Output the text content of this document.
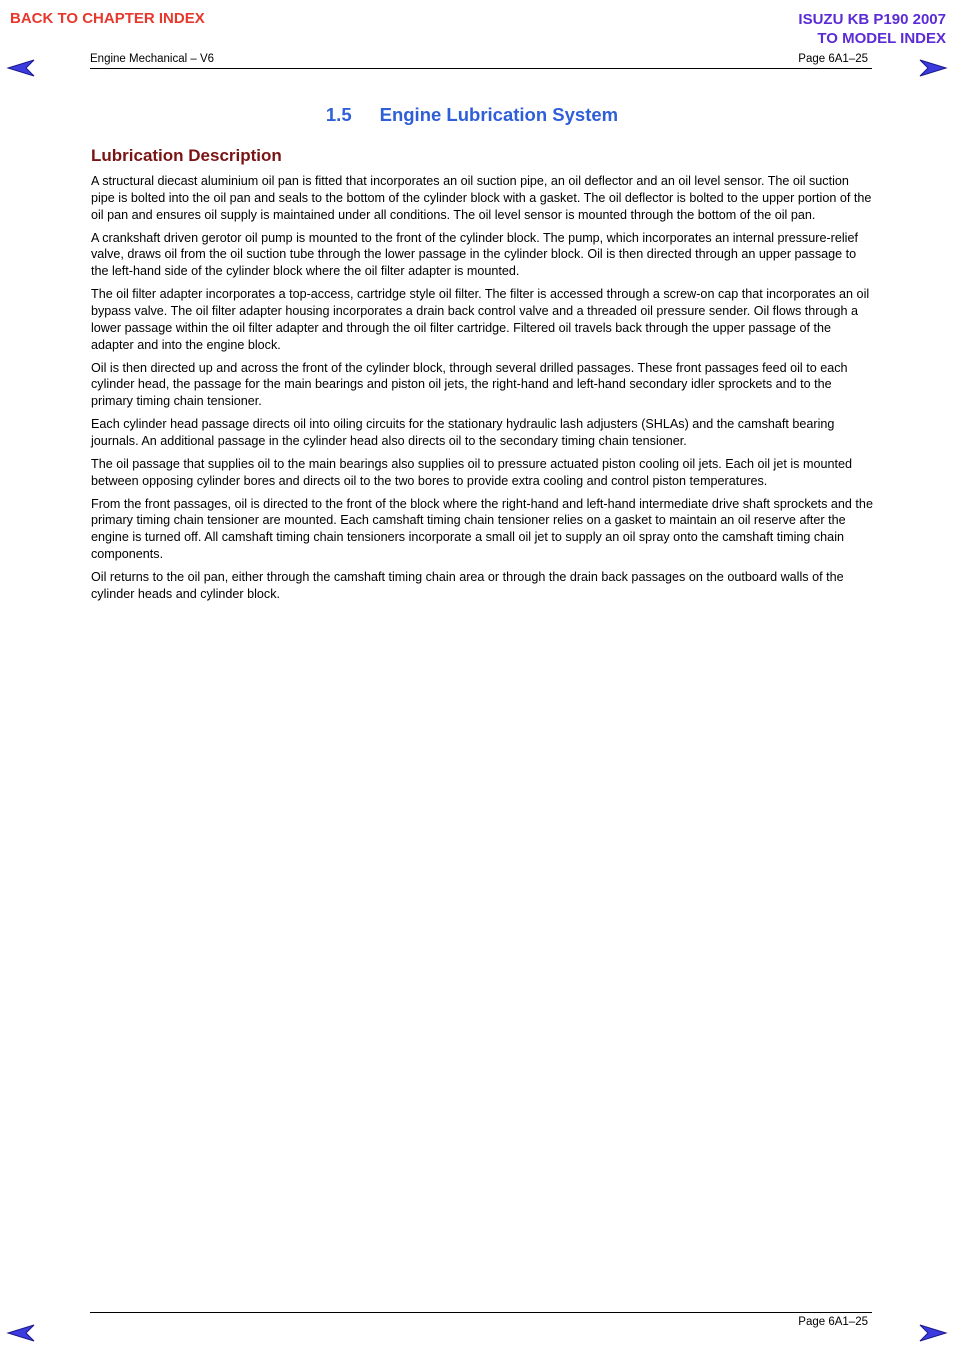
BACK TO CHAPTER INDEX	ISUZU KB P190 2007
TO MODEL INDEX
Engine Mechanical – V6	Page 6A1–25
1.5 Engine Lubrication System
Lubrication Description

A structural diecast aluminium oil pan is fitted that incorporates an oil suction pipe, an oil deflector and an oil level sensor. The oil suction pipe is bolted into the oil pan and seals to the bottom of the cylinder block with a gasket. The oil deflector is bolted to the upper portion of the oil pan and ensures oil supply is maintained under all conditions. The oil level sensor is mounted through the bottom of the oil pan.

A crankshaft driven gerotor oil pump is mounted to the front of the cylinder block. The pump, which incorporates an internal pressure-relief valve, draws oil from the oil suction tube through the lower passage in the cylinder block. Oil is then directed through an upper passage to the left-hand side of the cylinder block where the oil filter adapter is mounted.

The oil filter adapter incorporates a top-access, cartridge style oil filter. The filter is accessed through a screw-on cap that incorporates an oil bypass valve. The oil filter adapter housing incorporates a drain back control valve and a threaded oil pressure sender. Oil flows through a lower passage within the oil filter adapter and through the oil filter cartridge. Filtered oil travels back through the upper passage of the adapter and into the engine block.

Oil is then directed up and across the front of the cylinder block, through several drilled passages. These front passages feed oil to each cylinder head, the passage for the main bearings and piston oil jets, the right-hand and left-hand secondary idler sprockets and to the primary timing chain tensioner.

Each cylinder head passage directs oil into oiling circuits for the stationary hydraulic lash adjusters (SHLAs) and the camshaft bearing journals. An additional passage in the cylinder head also directs oil to the secondary timing chain tensioner.

The oil passage that supplies oil to the main bearings also supplies oil to pressure actuated piston cooling oil jets. Each oil jet is mounted between opposing cylinder bores and directs oil to the two bores to provide extra cooling and control piston temperatures.

From the front passages, oil is directed to the front of the block where the right-hand and left-hand intermediate drive shaft sprockets and the primary timing chain tensioner are mounted. Each camshaft timing chain tensioner relies on a gasket to maintain an oil reserve after the engine is turned off. All camshaft timing chain tensioners incorporate a small oil jet to supply an oil spray onto the camshaft timing chain components.

Oil returns to the oil pan, either through the camshaft timing chain area or through the drain back passages on the outboard walls of the cylinder heads and cylinder block.

Page 6A1–25
